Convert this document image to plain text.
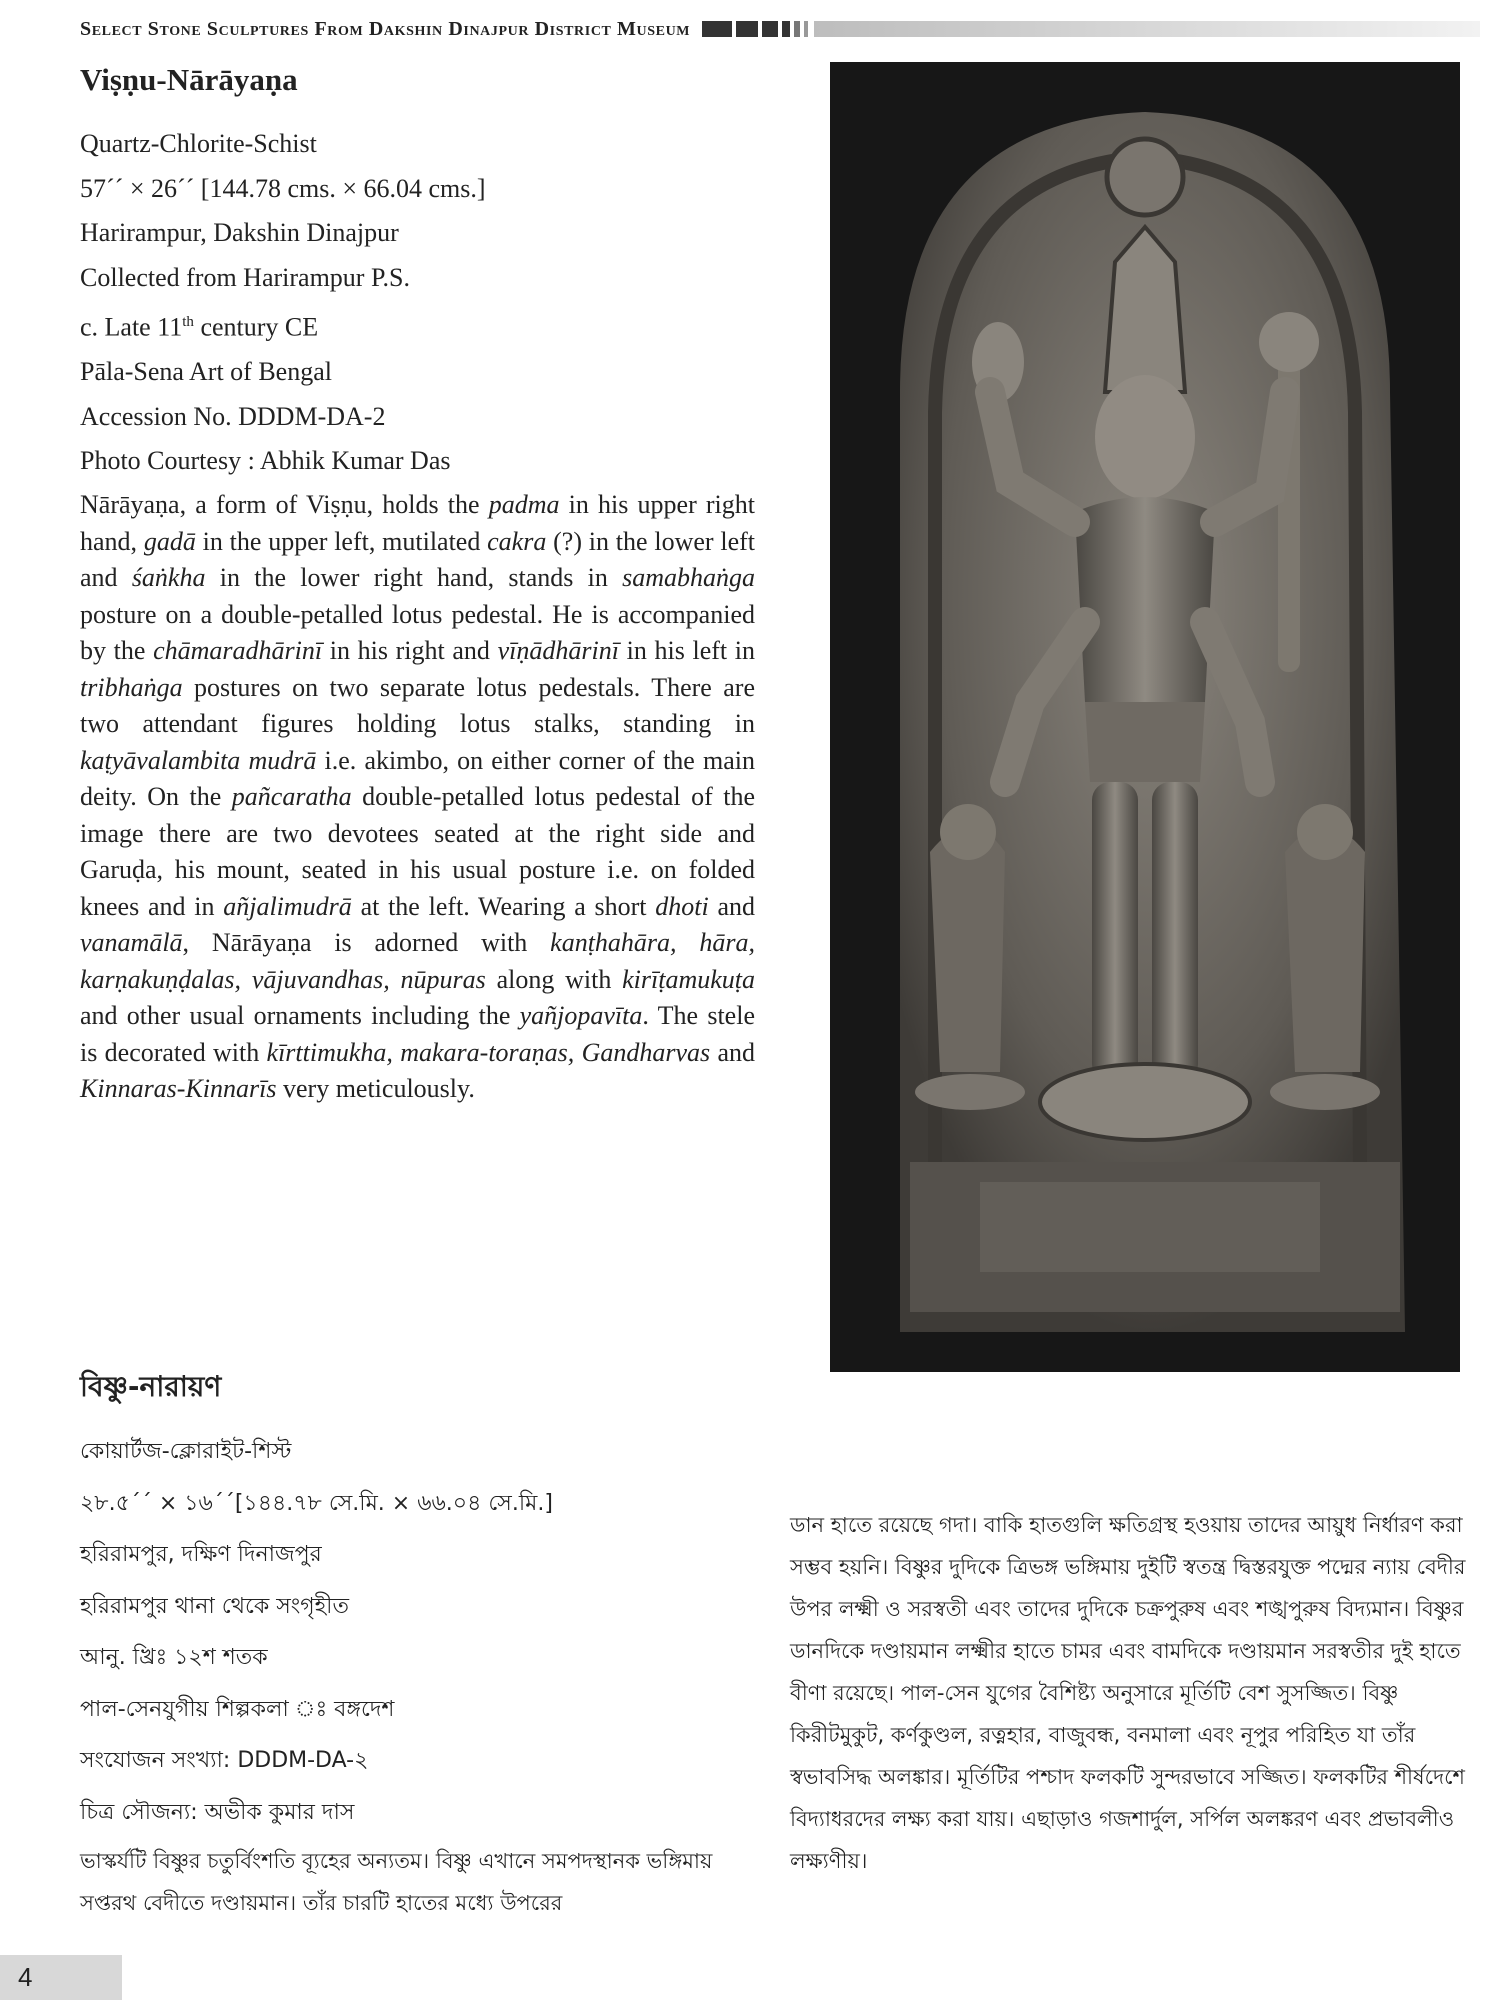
Select Stone Sculptures From Dakshin Dinajpur District Museum
Viṣṇu-Nārāyaṇa
Quartz-Chlorite-Schist
57´´ × 26´´ [144.78 cms. × 66.04 cms.]
Harirampur, Dakshin Dinajpur
Collected from Harirampur P.S.
c. Late 11th century CE
Pāla-Sena Art of Bengal
Accession No. DDDM-DA-2
Photo Courtesy : Abhik Kumar Das

Nārāyaṇa, a form of Viṣṇu, holds the padma in his upper right hand, gadā in the upper left, mutilated cakra (?) in the lower left and śaṅkha in the lower right hand, stands in samabhaṅga posture on a double-petalled lotus pedestal. He is accompanied by the chāmaradhārinī in his right and vīṇādhārinī in his left in tribhaṅga postures on two separate lotus pedestals. There are two attendant figures holding lotus stalks, standing in kaṭyāvalambita mudrā i.e. akimbo, on either corner of the main deity. On the pañcaratha double-petalled lotus pedestal of the image there are two devotees seated at the right side and Garuḍa, his mount, seated in his usual posture i.e. on folded knees and in añjalimudrā at the left. Wearing a short dhoti and vanamālā, Nārāyaṇa is adorned with kanṭhahāra, hāra, karṇakuṇḍalas, vājuvandhas, nūpuras along with kirīṭamukuṭa and other usual ornaments including the yañjopavīta. The stele is decorated with kīrttimukha, makara-toraṇas, Gandharvas and Kinnaras-Kinnarīs very meticulously.

বিষ্ণু-নারায়ণ
কোয়ার্টজ-ক্লোরাইট-শিস্ট
২৮.৫´´ × ১৬´´[১৪৪.৭৮ সে.মি. × ৬৬.০৪ সে.মি.]
হরিরামপুর, দক্ষিণ দিনাজপুর
হরিরামপুর থানা থেকে সংগৃহীত
আনু. খ্রিঃ ১২শ শতক
পাল-সেনযুগীয় শিল্পকলা ঃ বঙ্গদেশ
সংযোজন সংখ্যা: DDDM-DA-২
চিত্র সৌজন্য: অভীক কুমার দাস

ভাস্কর্যটি বিষ্ণুর চতুর্বিংশতি ব্যূহের অন্যতম। বিষ্ণু এখানে সমপদস্থানক ভঙ্গিমায় সপ্তরথ বেদীতে দণ্ডায়মান। তাঁর চারটি হাতের মধ্যে উপরের

ডান হাতে রয়েছে গদা। বাকি হাতগুলি ক্ষতিগ্রস্থ হওয়ায় তাদের আয়ুধ নির্ধারণ করা সম্ভব হয়নি। বিষ্ণুর দুদিকে ত্রিভঙ্গ ভঙ্গিমায় দুইটি স্বতন্ত্র দ্বিস্তরযুক্ত পদ্মের ন্যায় বেদীর উপর লক্ষ্মী ও সরস্বতী এবং তাদের দুদিকে চক্রপুরুষ এবং শঙ্খপুরুষ বিদ্যমান। বিষ্ণুর ডানদিকে দণ্ডায়মান লক্ষ্মীর হাতে চামর এবং বামদিকে দণ্ডায়মান সরস্বতীর দুই হাতে বীণা রয়েছে। পাল-সেন যুগের বৈশিষ্ট্য অনুসারে মূর্তিটি বেশ সুসজ্জিত। বিষ্ণু কিরীটমুকুট, কর্ণকুণ্ডল, রত্নহার, বাজুবন্ধ, বনমালা এবং নূপুর পরিহিত যা তাঁর স্বভাবসিদ্ধ অলঙ্কার। মূর্তিটির পশ্চাদ ফলকটি সুন্দরভাবে সজ্জিত। ফলকটির শীর্ষদেশে বিদ্যাধরদের লক্ষ্য করা যায়। এছাড়াও গজশার্দুল, সর্পিল অলঙ্করণ এবং প্রভাবলীও লক্ষ্যণীয়।

4
